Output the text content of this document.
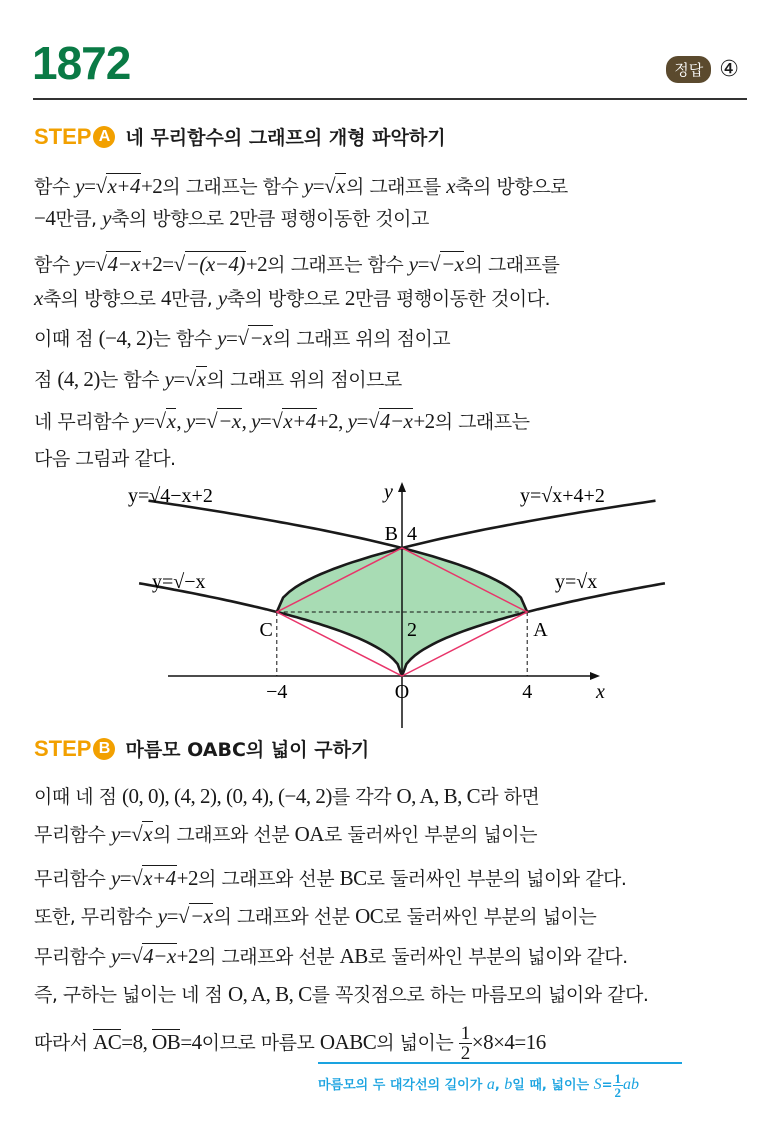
1872	정답 ④
STEP A 네 무리함수의 그래프의 개형 파악하기
y=√4−x+2	y=√x+4+2
y=√−x	y=√x
B 4
2
C	A
O
−4	4	x
y
STEP B 마름모 OABC의 넓이 구하기
마름모의 두 대각선의 길이가 a, b일 때, 넓이는 $S= \frac{1}{2}$ ab
함수 y=√x+4+2의 그래프는 함수 y=√x의 그래프를 x축의 방향으로
−4만큼, y축의 방향으로 2만큼 평행이동한 것이고
함수 y=√4−x+2=√−(x−4)+2의 그래프는 함수 y=√−x의 그래프를
x축의 방향으로 4만큼, y축의 방향으로 2만큼 평행이동한 것이다.
이때 점 (−4, 2)는 함수 y=√−x의 그래프 위의 점이고
점 (4, 2)는 함수 y=√x의 그래프 위의 점이므로
네 무리함수 y=√x, y=√−x, y=√x+4+2, y=√4−x+2의 그래프는
다음 그림과 같다.
이때 네 점 (0, 0), (4, 2), (0, 4), (−4, 2)를 각각 O, A, B, C라 하면
무리함수 y=√x의 그래프와 선분 OA로 둘러싸인 부분의 넓이는
무리함수 y=√x+4+2의 그래프와 선분 BC로 둘러싸인 부분의 넓이와 같다.
또한, 무리함수 y=√−x의 그래프와 선분 OC로 둘러싸인 부분의 넓이는
무리함수 y=√4−x+2의 그래프와 선분 AB로 둘러싸인 부분의 넓이와 같다.
즉, 구하는 넓이는 네 점 O, A, B, C를 꼭짓점으로 하는 마름모의 넓이와 같다.
따라서 AC=8, OB=4이므로 마름모 OABC의 넓이는 $\frac{1}{2} \times 8\times 4=16$
